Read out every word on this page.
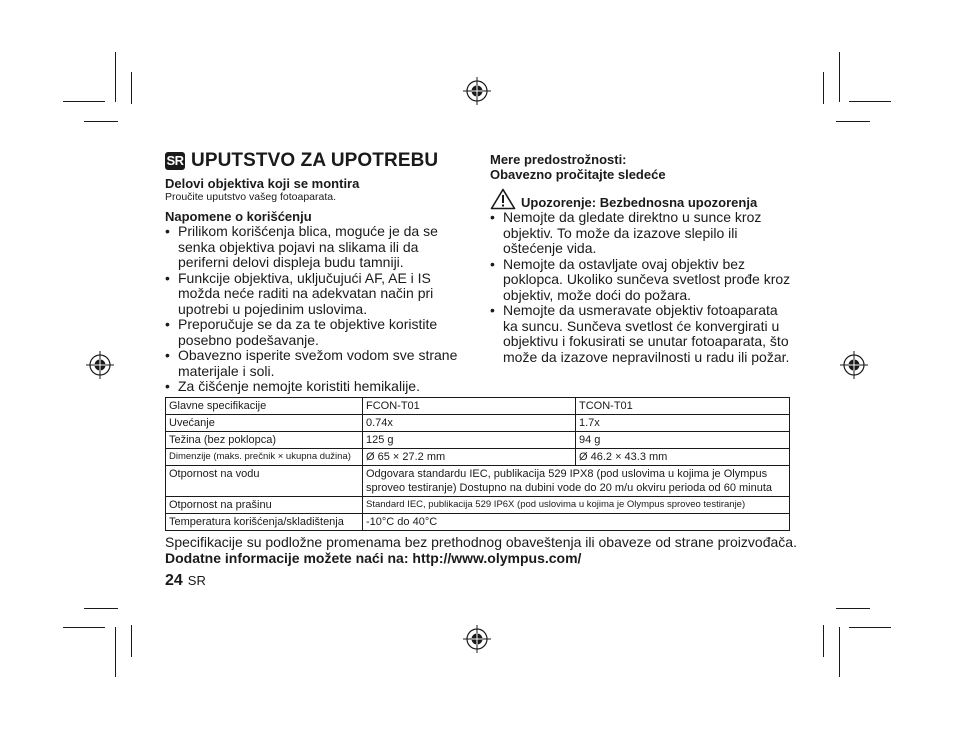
SR UPUTSTVO ZA UPOTREBU
Delovi objektiva koji se montira
Proučite uputstvo vašeg fotoaparata.
Napomene o korišćenju
• Prilikom korišćenja blica, moguće je da se senka objektiva pojavi na slikama ili da periferni delovi displeja budu tamniji.
• Funkcije objektiva, uključujući AF, AE i IS možda neće raditi na adekvatan način pri upotrebi u pojedinim uslovima.
• Preporučuje se da za te objektive koristite posebno podešavanje.
• Obavezno isperite svežom vodom sve strane materijale i soli.
• Za čišćenje nemojte koristiti hemikalije.
Mere predostrožnosti:
Obavezno pročitajte sledeće
Upozorenje: Bezbednosna upozorenja
• Nemojte da gledate direktno u sunce kroz objektiv. To može da izazove slepilo ili oštećenje vida.
• Nemojte da ostavljate ovaj objektiv bez poklopca. Ukoliko sunčeva svetlost prođe kroz objektiv, može doći do požara.
• Nemojte da usmeravate objektiv fotoaparata ka suncu. Sunčeva svetlost će konvergirati u objektivu i fokusirati se unutar fotoaparata, što može da izazove nepravilnosti u radu ili požar.
Glavne specifikacije	FCON-T01	TCON-T01
Uvećanje	0.74x	1.7x
Težina (bez poklopca)	125 g	94 g
Dimenzije (maks. prečnik × ukupna dužina)	Ø 65 × 27.2 mm	Ø 46.2 × 43.3 mm
Otpornost na vodu	Odgovara standardu IEC, publikacija 529 IPX8 (pod uslovima u kojima je Olympus sproveo testiranje) Dostupno na dubini vode do 20 m/u okviru perioda od 60 minuta	
Otpornost na prašinu	Standard IEC, publikacija 529 IP6X (pod uslovima u kojima je Olympus sproveo testiranje)	
Temperatura korišćenja/skladištenja	-10°C do 40°C	
Specifikacije su podložne promenama bez prethodnog obaveštenja ili obaveze od strane proizvođača.
Dodatne informacije možete naći na: http://www.olympus.com/
24 SR
